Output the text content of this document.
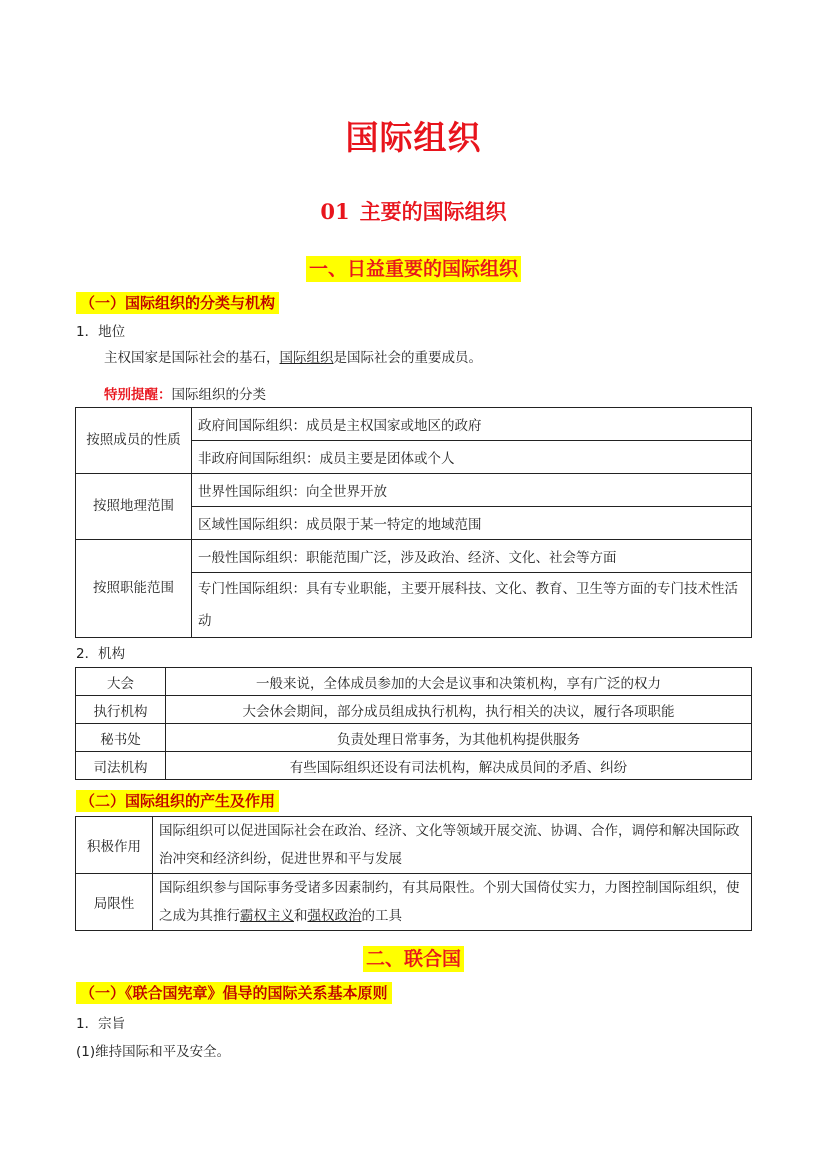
国际组织
01 主要的国际组织
一、日益重要的国际组织
（一）国际组织的分类与机构
1．地位
主权国家是国际社会的基石，国际组织是国际社会的重要成员。
特别提醒：国际组织的分类
按照成员的性质	政府间国际组织：成员是主权国家或地区的政府
	非政府间国际组织：成员主要是团体或个人
按照地理范围	世界性国际组织：向全世界开放
	区域性国际组织：成员限于某一特定的地域范围
按照职能范围	一般性国际组织：职能范围广泛，涉及政治、经济、文化、社会等方面
	专门性国际组织：具有专业职能，主要开展科技、文化、教育、卫生等方面的专门技术性活动
2．机构
大会	一般来说，全体成员参加的大会是议事和决策机构，享有广泛的权力
执行机构	大会休会期间，部分成员组成执行机构，执行相关的决议，履行各项职能
秘书处	负责处理日常事务，为其他机构提供服务
司法机构	有些国际组织还设有司法机构，解决成员间的矛盾、纠纷
（二）国际组织的产生及作用
积极作用	国际组织可以促进国际社会在政治、经济、文化等领域开展交流、协调、合作，调停和解决国际政治冲突和经济纠纷，促进世界和平与发展
局限性	国际组织参与国际事务受诸多因素制约，有其局限性。个别大国倚仗实力，力图控制国际组织，使之成为其推行霸权主义和强权政治的工具
二、联合国
（一）《联合国宪章》倡导的国际关系基本原则
1．宗旨
(1)维持国际和平及安全。
